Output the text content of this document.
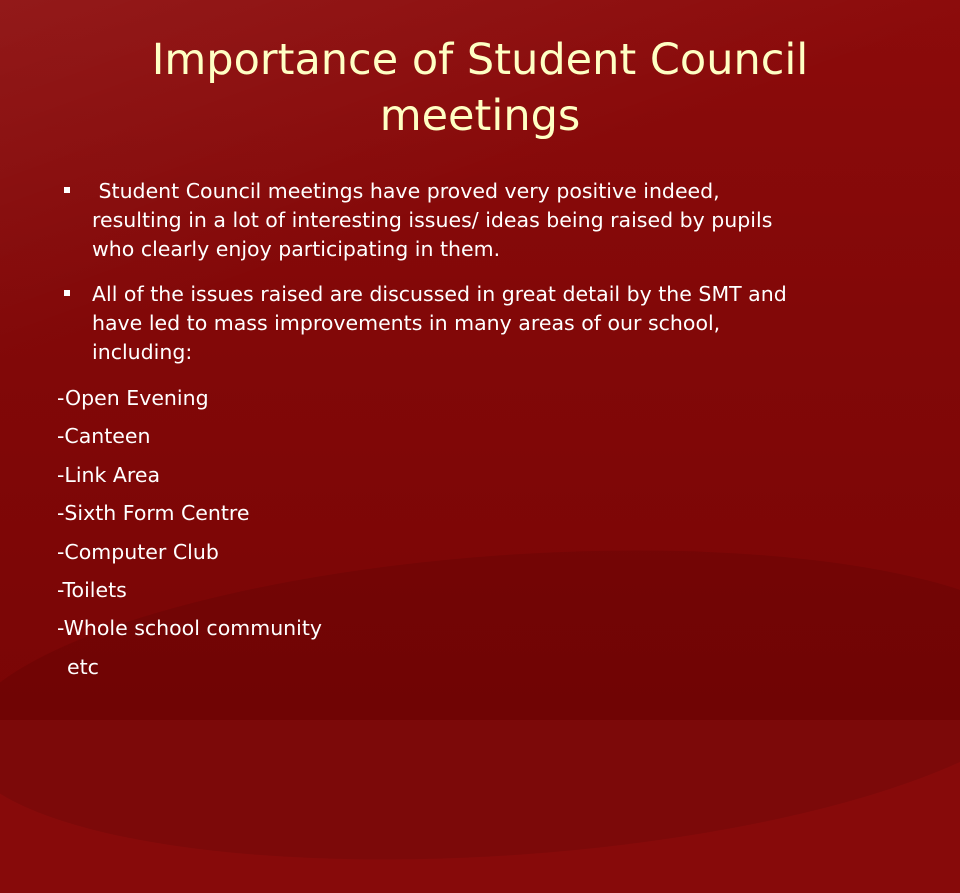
Importance of Student Council
meetings
Student Council meetings have proved very positive indeed,
resulting in a lot of interesting issues/ ideas being raised by pupils
who clearly enjoy participating in them.
All of the issues raised are discussed in great detail by the SMT and
have led to mass improvements in many areas of our school,
including:
-Open Evening
-Canteen
-Link Area
-Sixth Form Centre
-Computer Club
-Toilets
-Whole school community
etc
